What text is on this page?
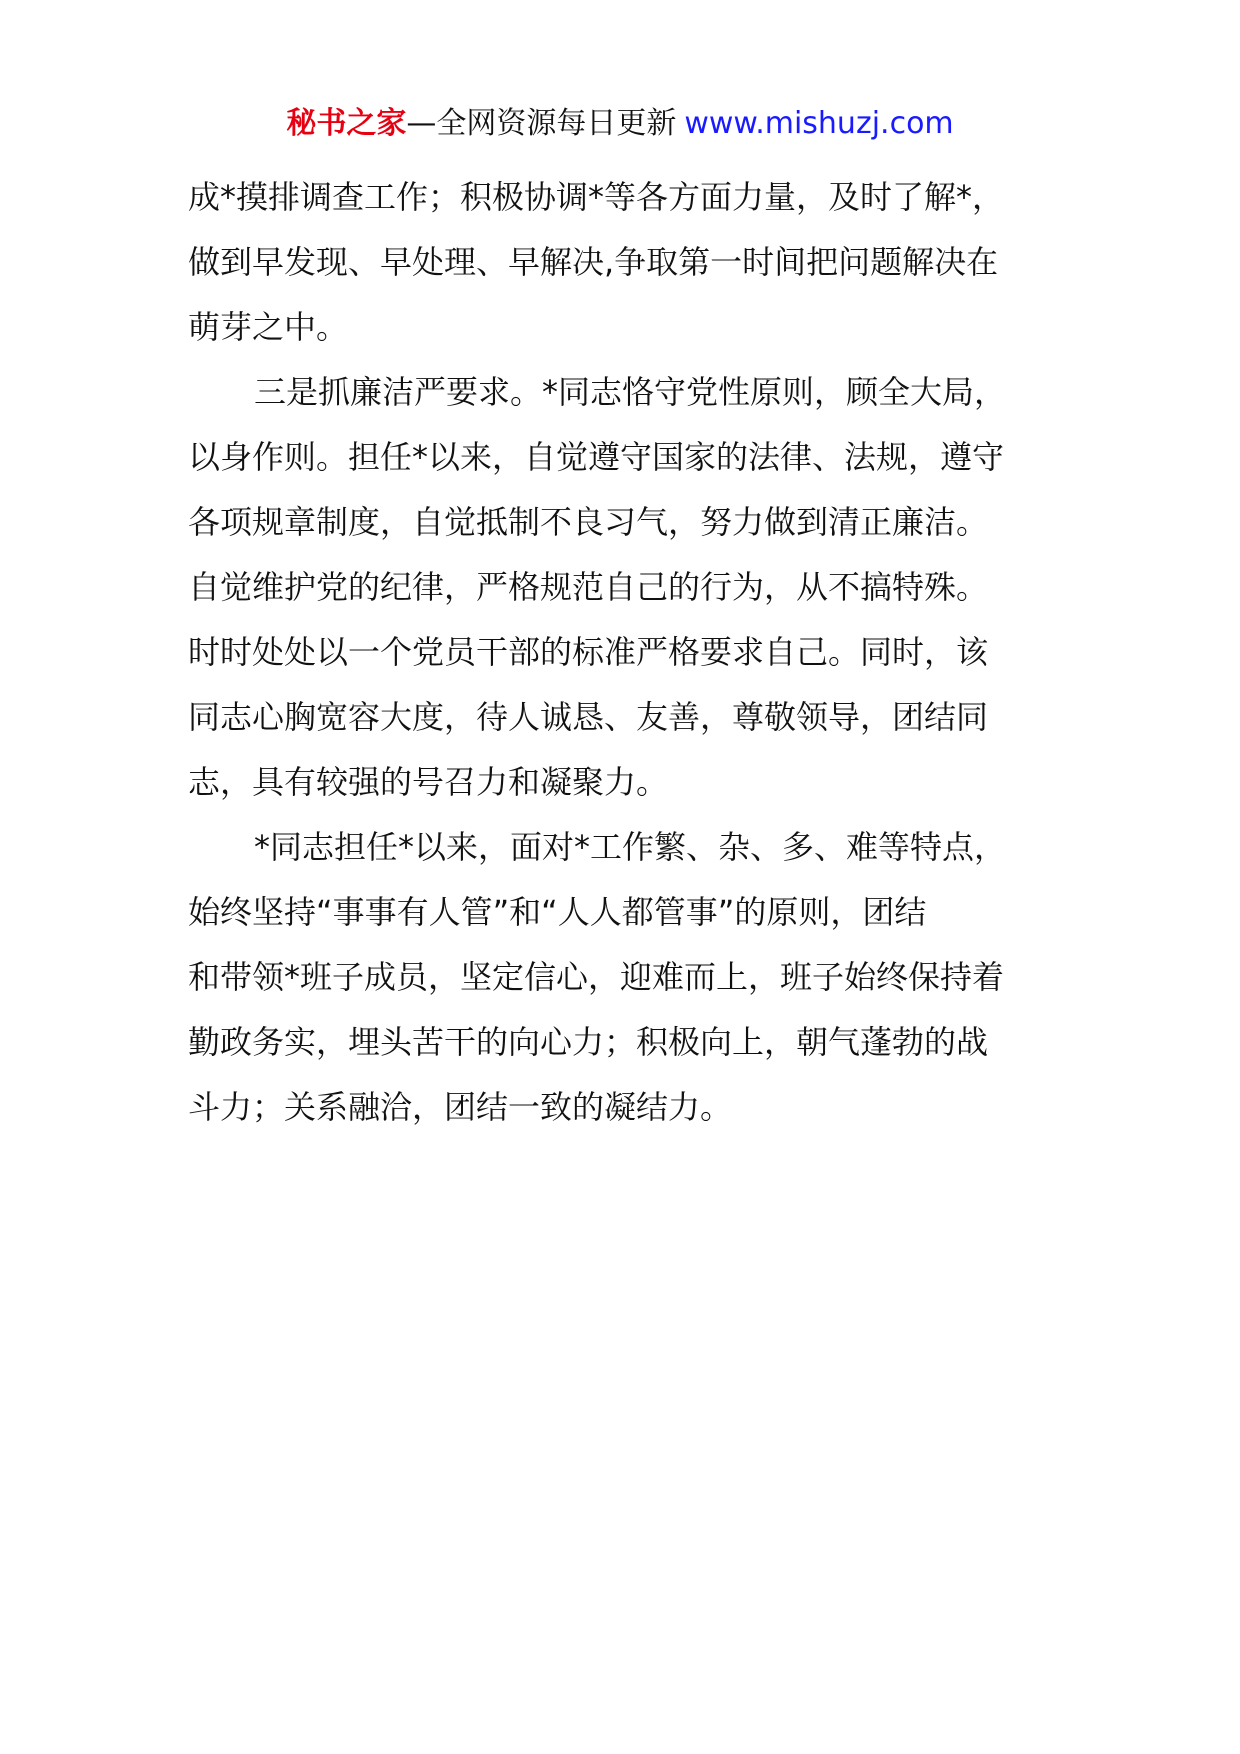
秘书之家—全网资源每日更新 www.mishuzj.com
成*摸排调查工作；积极协调*等各方面力量，及时了解*，
做到早发现、早处理、早解决,争取第一时间把问题解决在
萌芽之中。
三是抓廉洁严要求。*同志恪守党性原则，顾全大局，
以身作则。担任*以来，自觉遵守国家的法律、法规，遵守
各项规章制度，自觉抵制不良习气，努力做到清正廉洁。
自觉维护党的纪律，严格规范自己的行为，从不搞特殊。
时时处处以一个党员干部的标准严格要求自己。同时，该
同志心胸宽容大度，待人诚恳、友善，尊敬领导，团结同
志，具有较强的号召力和凝聚力。
*同志担任*以来，面对*工作繁、杂、多、难等特点，
始终坚持“事事有人管”和“人人都管事”的原则，团结
和带领*班子成员，坚定信心，迎难而上，班子始终保持着
勤政务实，埋头苦干的向心力；积极向上，朝气蓬勃的战
斗力；关系融洽，团结一致的凝结力。
